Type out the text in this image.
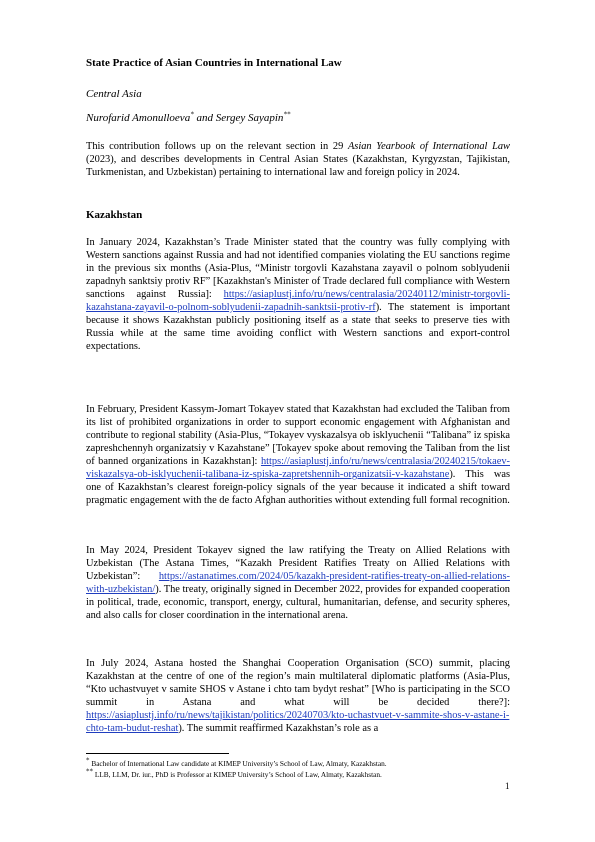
State Practice of Asian Countries in International Law
Central Asia
Nurofarid Amonulloeva* and Sergey Sayapin**
This contribution follows up on the relevant section in 29 Asian Yearbook of International Law (2023), and describes developments in Central Asian States (Kazakhstan, Kyrgyzstan, Tajikistan, Turkmenistan, and Uzbekistan) pertaining to international law and foreign policy in 2024.
Kazakhstan
In January 2024, Kazakhstan’s Trade Minister stated that the country was fully complying with Western sanctions against Russia and had not identified companies violating the EU sanctions regime in the previous six months (Asia-Plus, “Ministr torgovli Kazahstana zayavil o polnom soblyudenii zapadnyh sanktsiy protiv RF” [Kazakhstan's Minister of Trade declared full compliance with Western sanctions against Russia]: https://asiaplustj.info/ru/news/centralasia/20240112/ministr-torgovli-kazahstana-zayavil-o-polnom-soblyudenii-zapadnih-sanktsii-protiv-rf). The statement is important because it shows Kazakhstan publicly positioning itself as a state that seeks to preserve ties with Russia while at the same time avoiding conflict with Western sanctions and export-control expectations.
In February, President Kassym-Jomart Tokayev stated that Kazakhstan had excluded the Taliban from its list of prohibited organizations in order to support economic engagement with Afghanistan and contribute to regional stability (Asia-Plus, “Tokayev vyskazalsya ob isklyuchenii “Talibana” iz spiska zapreshchennyh organizatsiy v Kazahstane” [Tokayev spoke about removing the Taliban from the list of banned organizations in Kazakhstan]: https://asiaplustj.info/ru/news/centralasia/20240215/tokaev-viskazalsya-ob-isklyuchenii-talibana-iz-spiska-zapretshennih-organizatsii-v-kazahstane). This was one of Kazakhstan’s clearest foreign-policy signals of the year because it indicated a shift toward pragmatic engagement with the de facto Afghan authorities without extending full formal recognition.
In May 2024, President Tokayev signed the law ratifying the Treaty on Allied Relations with Uzbekistan (The Astana Times, “Kazakh President Ratifies Treaty on Allied Relations with Uzbekistan”: https://astanatimes.com/2024/05/kazakh-president-ratifies-treaty-on-allied-relations-with-uzbekistan/). The treaty, originally signed in December 2022, provides for expanded cooperation in political, trade, economic, transport, energy, cultural, humanitarian, defense, and security spheres, and also calls for closer coordination in the international arena.
In July 2024, Astana hosted the Shanghai Cooperation Organisation (SCO) summit, placing Kazakhstan at the centre of one of the region’s main multilateral diplomatic platforms (Asia-Plus, “Kto uchastvuyet v samite SHOS v Astane i chto tam bydyt reshat” [Who is participating in the SCO summit in Astana and what will be decided there?]: https://asiaplustj.info/ru/news/tajikistan/politics/20240703/kto-uchastvuet-v-sammite-shos-v-astane-i-chto-tam-budut-reshat). The summit reaffirmed Kazakhstan’s role as a
* Bachelor of International Law candidate at KIMEP University’s School of Law, Almaty, Kazakhstan.
** LLB, LLM, Dr. iur., PhD is Professor at KIMEP University’s School of Law, Almaty, Kazakhstan.
1
